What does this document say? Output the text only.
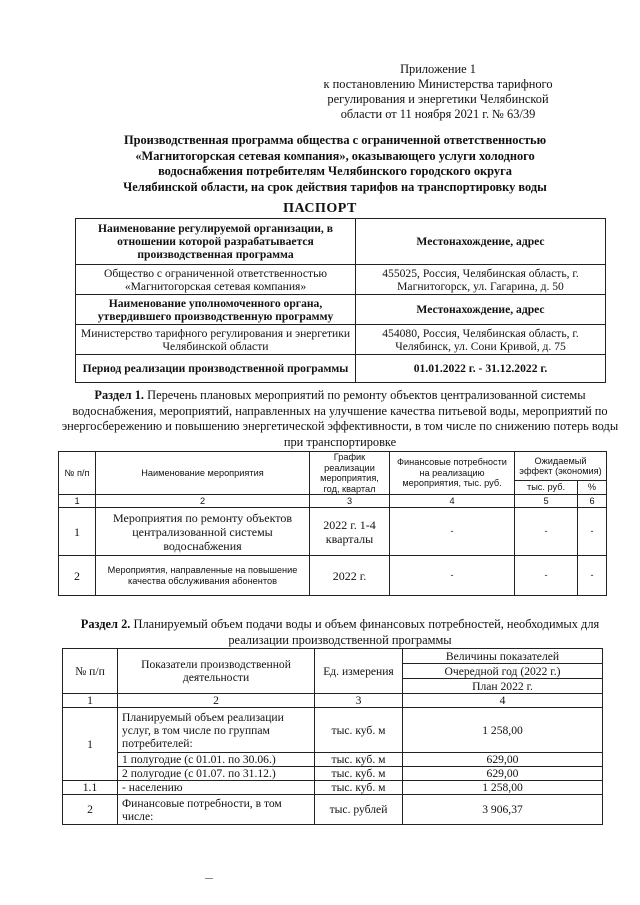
Приложение 1
к постановлению Министерства тарифного
регулирования и энергетики Челябинской
области от 11 ноября 2021 г. № 63/39
Производственная программа общества с ограниченной ответственностью
«Магнитогорская сетевая компания», оказывающего услуги холодного
водоснабжения потребителям Челябинского городского округа
Челябинской области, на срок действия тарифов на транспортировку воды
ПАСПОРТ
Наименование регулируемой организации, в отношении которой разрабатывается производственная программа	Местонахождение, адрес
Общество с ограниченной ответственностью «Магнитогорская сетевая компания»	455025, Россия, Челябинская область, г. Магнитогорск, ул. Гагарина, д. 50
Наименование уполномоченного органа, утвердившего производственную программу	Местонахождение, адрес
Министерство тарифного регулирования и энергетики Челябинской области	454080, Россия, Челябинская область, г. Челябинск, ул. Сони Кривой, д. 75
Период реализации производственной программы	01.01.2022 г. - 31.12.2022 г.
Раздел 1. Перечень плановых мероприятий по ремонту объектов централизованной системы водоснабжения, мероприятий, направленных на улучшение качества питьевой воды, мероприятий по энергосбережению и повышению энергетической эффективности, в том числе по снижению потерь воды при транспортировке
№ п/п	Наименование мероприятия	График реализации мероприятия, год, квартал	Финансовые потребности на реализацию мероприятия, тыс. руб.	Ожидаемый эффект (экономия)	
				тыс. руб.	%
1	2	3	4	5	6
1	Мероприятия по ремонту объектов централизованной системы водоснабжения	2022 г. 1-4 кварталы	-	-	-
2	Мероприятия, направленные на повышение качества обслуживания абонентов	2022 г.	-	-	-
Раздел 2. Планируемый объем подачи воды и объем финансовых потребностей, необходимых для реализации производственной программы
№ п/п	Показатели производственной деятельности	Ед. измерения	Величины показателей
			Очередной год (2022 г.)
			План 2022 г.
1	2	3	4
1	Планируемый объем реализации услуг, в том числе по группам потребителей:	тыс. куб. м	1 258,00
	1 полугодие (с 01.01. по 30.06.)	тыс. куб. м	629,00
	2 полугодие (с 01.07. по 31.12.)	тыс. куб. м	629,00
1.1	- населению	тыс. куб. м	1 258,00
2	Финансовые потребности, в том числе:	тыс. рублей	3 906,37
